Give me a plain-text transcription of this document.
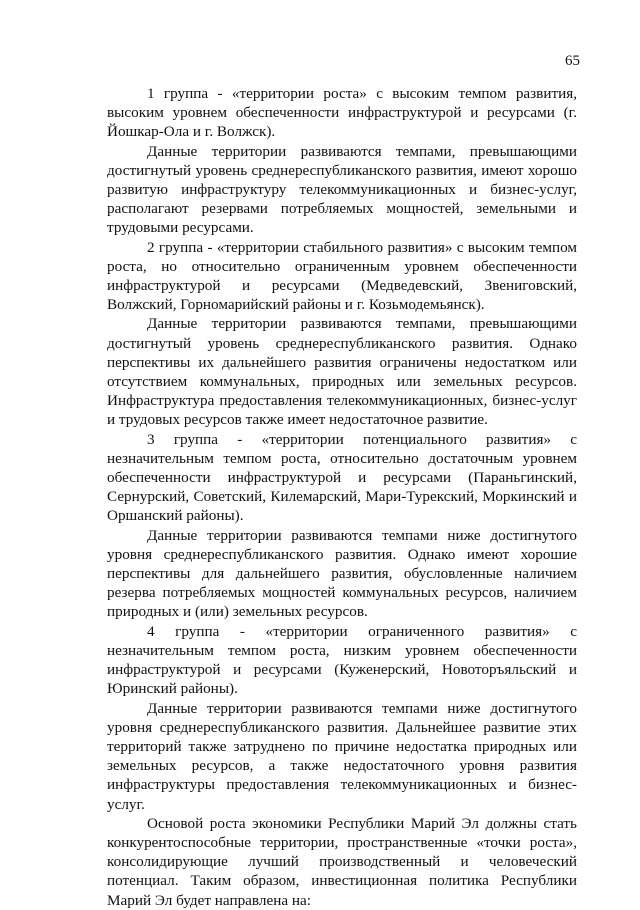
65

1 группа - «территории роста» с высоким темпом развития, высоким уровнем обеспеченности инфраструктурой и ресурсами (г. Йошкар-Ола и г. Волжск).

Данные территории развиваются темпами, превышающими достигнутый уровень среднереспубликанского развития, имеют хорошо развитую инфраструктуру телекоммуникационных и бизнес-услуг, располагают резервами потребляемых мощностей, земельными и трудовыми ресурсами.

2 группа - «территории стабильного развития» с высоким темпом роста, но относительно ограниченным уровнем обеспеченности инфраструктурой и ресурсами (Медведевский, Звениговский, Волжский, Горномарийский районы и г. Козьмодемьянск).

Данные территории развиваются темпами, превышающими достигнутый уровень среднереспубликанского развития. Однако перспективы их дальнейшего развития ограничены недостатком или отсутствием коммунальных, природных или земельных ресурсов. Инфраструктура предоставления телекоммуникационных, бизнес-услуг и трудовых ресурсов также имеет недостаточное развитие.

3 группа - «территории потенциального развития» с незначительным темпом роста, относительно достаточным уровнем обеспеченности инфраструктурой и ресурсами (Параньгинский, Сернурский, Советский, Килемарский, Мари-Турекский, Моркинский и Оршанский районы).

Данные территории развиваются темпами ниже достигнутого уровня среднереспубликанского развития. Однако имеют хорошие перспективы для дальнейшего развития, обусловленные наличием резерва потребляемых мощностей коммунальных ресурсов, наличием природных и (или) земельных ресурсов.

4 группа - «территории ограниченного развития» с незначительным темпом роста, низким уровнем обеспеченности инфраструктурой и ресурсами (Куженерский, Новоторъяльский и Юринский районы).

Данные территории развиваются темпами ниже достигнутого уровня среднереспубликанского развития. Дальнейшее развитие этих территорий также затруднено по причине недостатка природных или земельных ресурсов, а также недостаточного уровня развития инфраструктуры предоставления телекоммуникационных и бизнес-услуг.

Основой роста экономики Республики Марий Эл должны стать конкурентоспособные территории, пространственные «точки роста», консолидирующие лучший производственный и человеческий потенциал. Таким образом, инвестиционная политика Республики Марий Эл будет направлена на:
